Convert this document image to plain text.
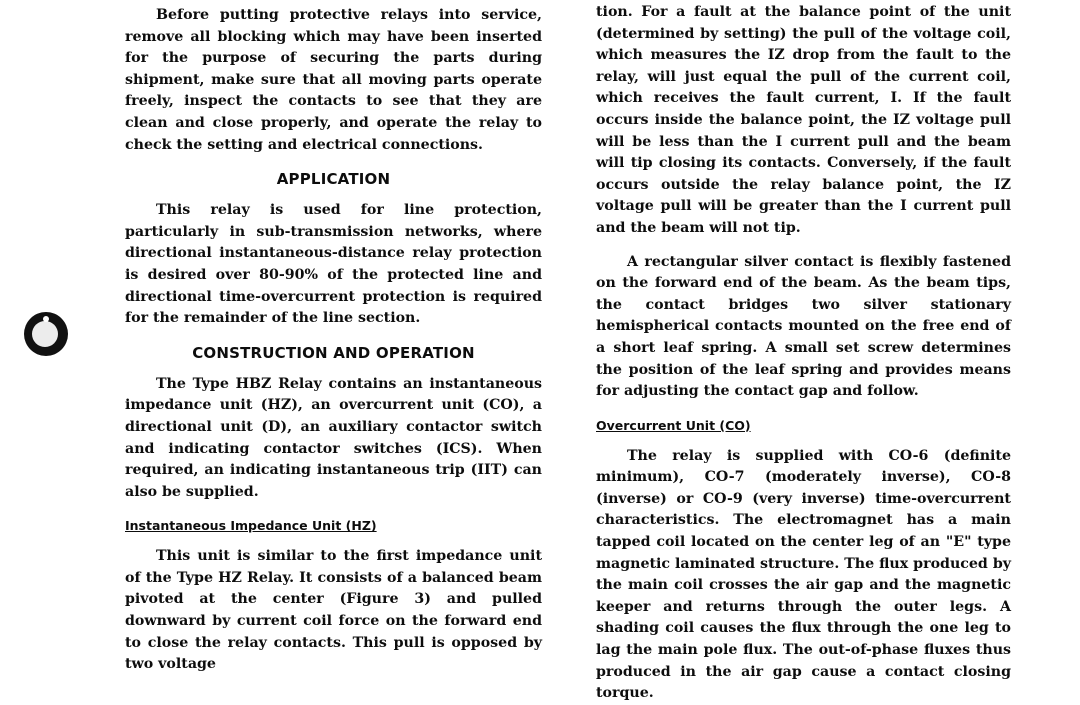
Before putting protective relays into service, remove all blocking which may have been inserted for the purpose of securing the parts during shipment, make sure that all moving parts operate freely, inspect the contacts to see that they are clean and close properly, and operate the relay to check the setting and electrical connections.

APPLICATION

This relay is used for line protection, particularly in sub-transmission networks, where directional instantaneous-distance relay protection is desired over 80-90% of the protected line and directional time-overcurrent protection is required for the remainder of the line section.

CONSTRUCTION AND OPERATION

The Type HBZ Relay contains an instantaneous impedance unit (HZ), an overcurrent unit (CO), a directional unit (D), an auxiliary contactor switch and indicating contactor switches (ICS). When required, an indicating instantaneous trip (IIT) can also be supplied.

Instantaneous Impedance Unit (HZ)

This unit is similar to the first impedance unit of the Type HZ Relay. It consists of a balanced beam pivoted at the center (Figure 3) and pulled downward by current coil force on the forward end to close the relay contacts. This pull is opposed by two voltage

tion. For a fault at the balance point of the unit (determined by setting) the pull of the voltage coil, which measures the IZ drop from the fault to the relay, will just equal the pull of the current coil, which receives the fault current, I. If the fault occurs inside the balance point, the IZ voltage pull will be less than the I current pull and the beam will tip closing its contacts. Conversely, if the fault occurs outside the relay balance point, the IZ voltage pull will be greater than the I current pull and the beam will not tip.

A rectangular silver contact is flexibly fastened on the forward end of the beam. As the beam tips, the contact bridges two silver stationary hemispherical contacts mounted on the free end of a short leaf spring. A small set screw determines the position of the leaf spring and provides means for adjusting the contact gap and follow.

Overcurrent Unit (CO)

The relay is supplied with CO-6 (definite minimum), CO-7 (moderately inverse), CO-8 (inverse) or CO-9 (very inverse) time-overcurrent characteristics. The electromagnet has a main tapped coil located on the center leg of an "E" type magnetic laminated structure. The flux produced by the main coil crosses the air gap and the magnetic keeper and returns through the outer legs. A shading coil causes the flux through the one leg to lag the main pole flux. The out-of-phase fluxes thus produced in the air gap cause a contact closing torque.
